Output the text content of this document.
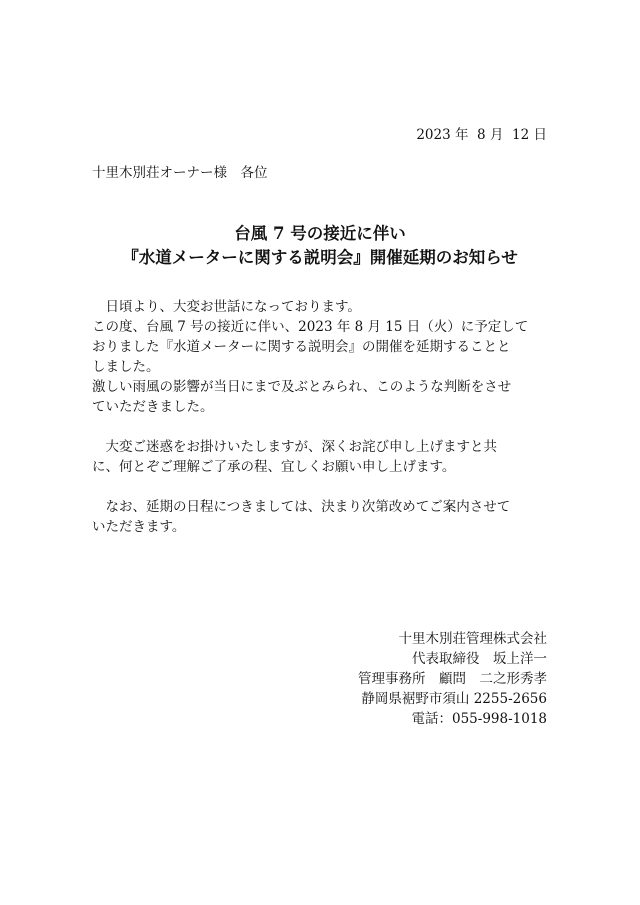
2023 年  8 月  12 日
十里木別荘オーナー様　各位
台風 7 号の接近に伴い
『水道メーターに関する説明会』開催延期のお知らせ
　日頃より、大変お世話になっております。
この度、台風 7 号の接近に伴い、2023 年 8 月 15 日（火）に予定して
おりました『水道メーターに関する説明会』の開催を延期することと
しました。
激しい雨風の影響が当日にまで及ぶとみられ、このような判断をさせ
ていただきました。
　大変ご迷惑をお掛けいたしますが、深くお詫び申し上げますと共
に、何とぞご理解ご了承の程、宜しくお願い申し上げます。
　なお、延期の日程につきましては、決まり次第改めてご案内させて
いただきます。
十里木別荘管理株式会社
代表取締役　坂上洋一
管理事務所　顧問　二之形秀孝
静岡県裾野市須山 2255-2656
電話：055-998-1018
